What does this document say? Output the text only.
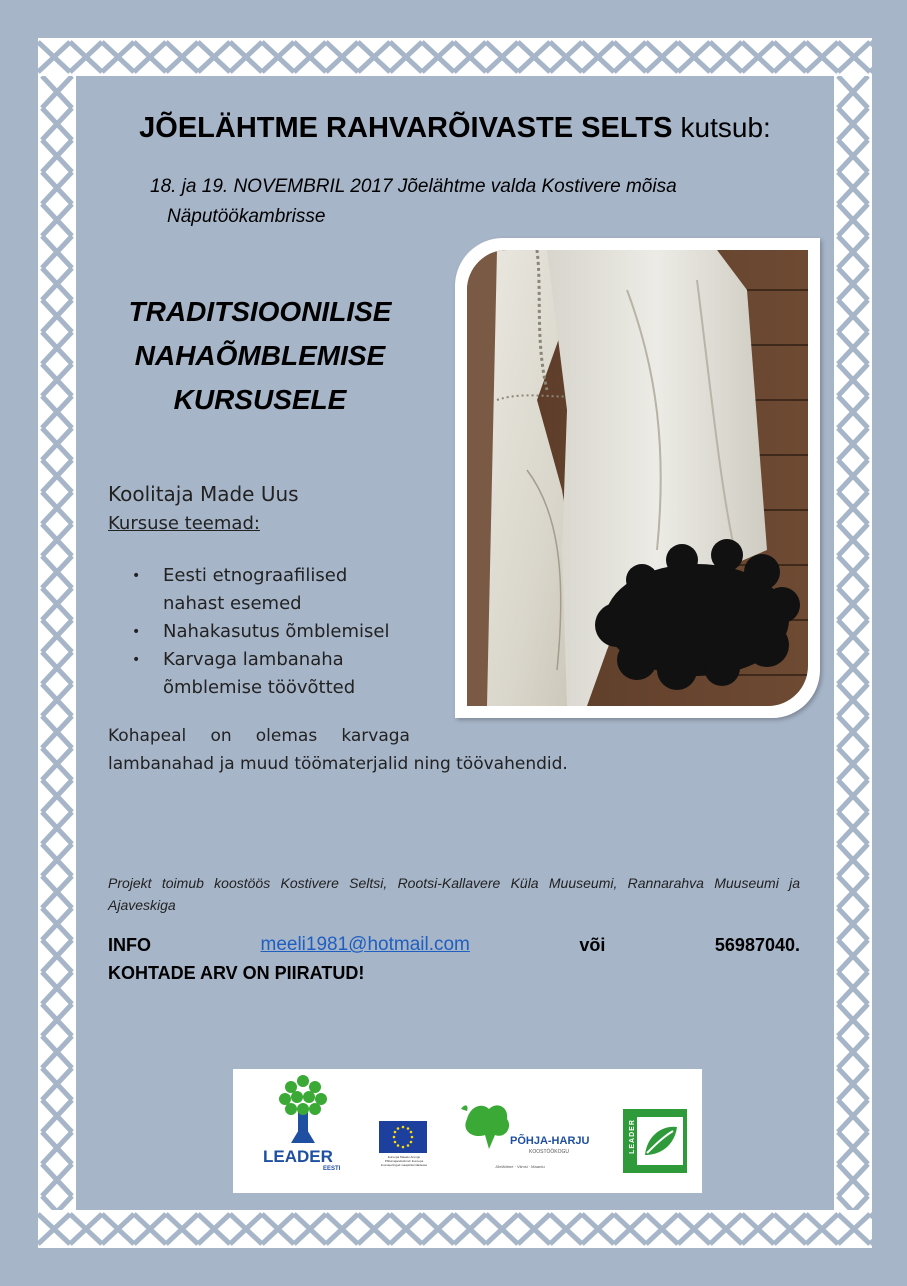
JÕELÄHTME RAHVARÕIVASTE SELTS kutsub:
18. ja 19. NOVEMBRIL 2017 Jõelähtme valda Kostivere mõisa
Näputöökambrisse
TRADITSIOONILISE
NAHAÕMBLEMISE
KURSUSELE
Koolitaja Made Uus
Kursuse teemad:
• Eesti etnograafilised
nahast esemed
• Nahakasutus õmblemisel
• Karvaga lambanaha
õmblemise töövõtted
Kohapeal on olemas karvaga
lambanahad ja muud töömaterjalid ning töövahendid.
Projekt toimub koostöös Kostivere Seltsi, Rootsi-Kallavere Küla Muuseumi, Rannarahva Muuseumi ja Ajaveskiga
INFO	meeli1981@hotmail.com	või	56987040.
KOHTADE ARV ON PIIRATUD!
LEADER
EESTI
Euroopa Maaelu Arengu Põllumajandusfond: Euroopa investeeringud maapiirkondadesse
PÕHJA-HARJU
KOOSTÖÖKOGU
Jõelähtme · Viimsi · Maardu
LEADER
